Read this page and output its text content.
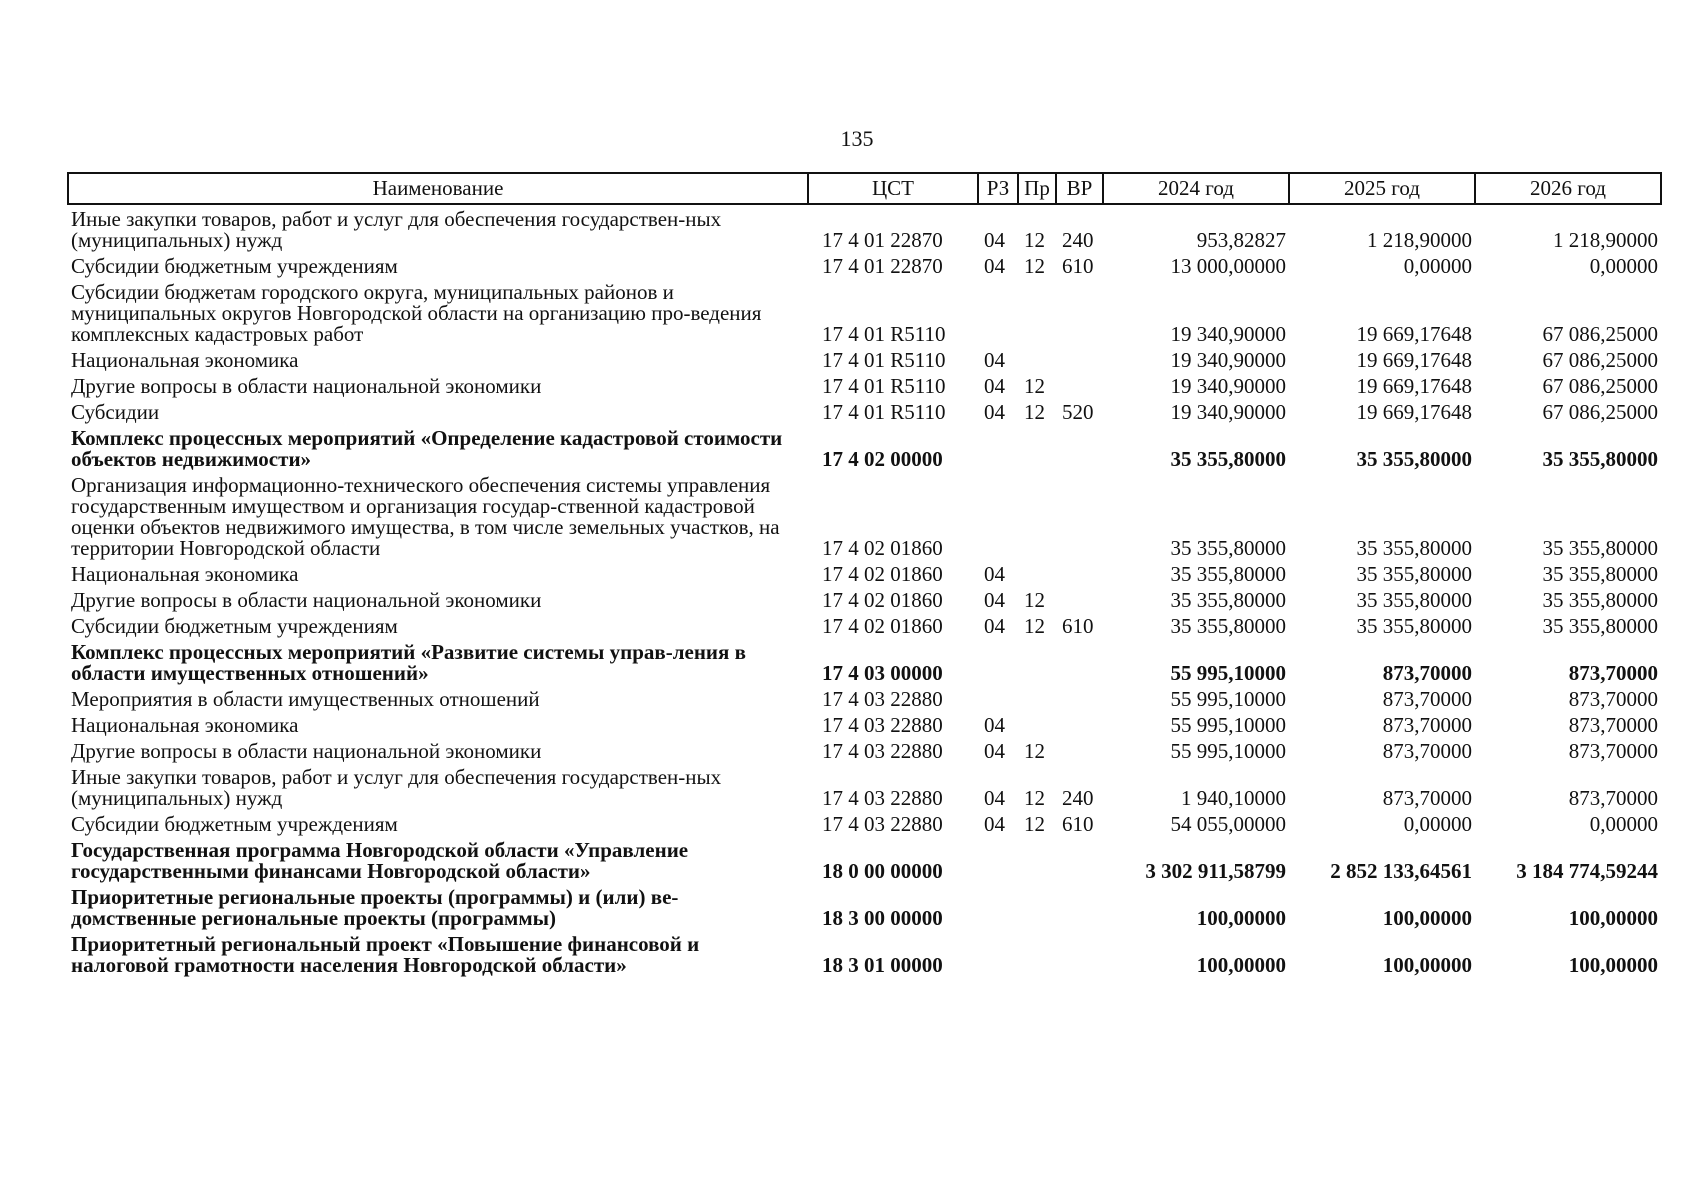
135
Наименование	ЦСТ	РЗ	Пр	ВР	2024 год	2025 год	2026 год
Иные закупки товаров, работ и услуг для обеспечения государствен-ных (муниципальных) нужд	17 4 01 22870	04	12	240	953,82827	1 218,90000	1 218,90000
Субсидии бюджетным учреждениям	17 4 01 22870	04	12	610	13 000,00000	0,00000	0,00000
Субсидии бюджетам городского округа, муниципальных районов и муниципальных округов Новгородской области на организацию про-ведения комплексных кадастровых работ	17 4 01 R5110				19 340,90000	19 669,17648	67 086,25000
Национальная экономика	17 4 01 R5110	04			19 340,90000	19 669,17648	67 086,25000
Другие вопросы в области национальной экономики	17 4 01 R5110	04	12		19 340,90000	19 669,17648	67 086,25000
Субсидии	17 4 01 R5110	04	12	520	19 340,90000	19 669,17648	67 086,25000
Комплекс процессных мероприятий «Определение кадастровой стоимости объектов недвижимости»	17 4 02 00000				35 355,80000	35 355,80000	35 355,80000
Организация информационно-технического обеспечения системы управления государственным имуществом и организация государ-ственной кадастровой оценки объектов недвижимого имущества, в том числе земельных участков, на территории Новгородской области	17 4 02 01860				35 355,80000	35 355,80000	35 355,80000
Национальная экономика	17 4 02 01860	04			35 355,80000	35 355,80000	35 355,80000
Другие вопросы в области национальной экономики	17 4 02 01860	04	12		35 355,80000	35 355,80000	35 355,80000
Субсидии бюджетным учреждениям	17 4 02 01860	04	12	610	35 355,80000	35 355,80000	35 355,80000
Комплекс процессных мероприятий «Развитие системы управ-ления в области имущественных отношений»	17 4 03 00000				55 995,10000	873,70000	873,70000
Мероприятия в области имущественных отношений	17 4 03 22880				55 995,10000	873,70000	873,70000
Национальная экономика	17 4 03 22880	04			55 995,10000	873,70000	873,70000
Другие вопросы в области национальной экономики	17 4 03 22880	04	12		55 995,10000	873,70000	873,70000
Иные закупки товаров, работ и услуг для обеспечения государствен-ных (муниципальных) нужд	17 4 03 22880	04	12	240	1 940,10000	873,70000	873,70000
Субсидии бюджетным учреждениям	17 4 03 22880	04	12	610	54 055,00000	0,00000	0,00000
Государственная программа Новгородской области «Управление государственными финансами Новгородской области»	18 0 00 00000				3 302 911,58799	2 852 133,64561	3 184 774,59244
Приоритетные региональные проекты (программы) и (или) ве-домственные региональные проекты (программы)	18 3 00 00000				100,00000	100,00000	100,00000
Приоритетный региональный проект «Повышение финансовой и налоговой грамотности населения Новгородской области»	18 3 01 00000				100,00000	100,00000	100,00000
